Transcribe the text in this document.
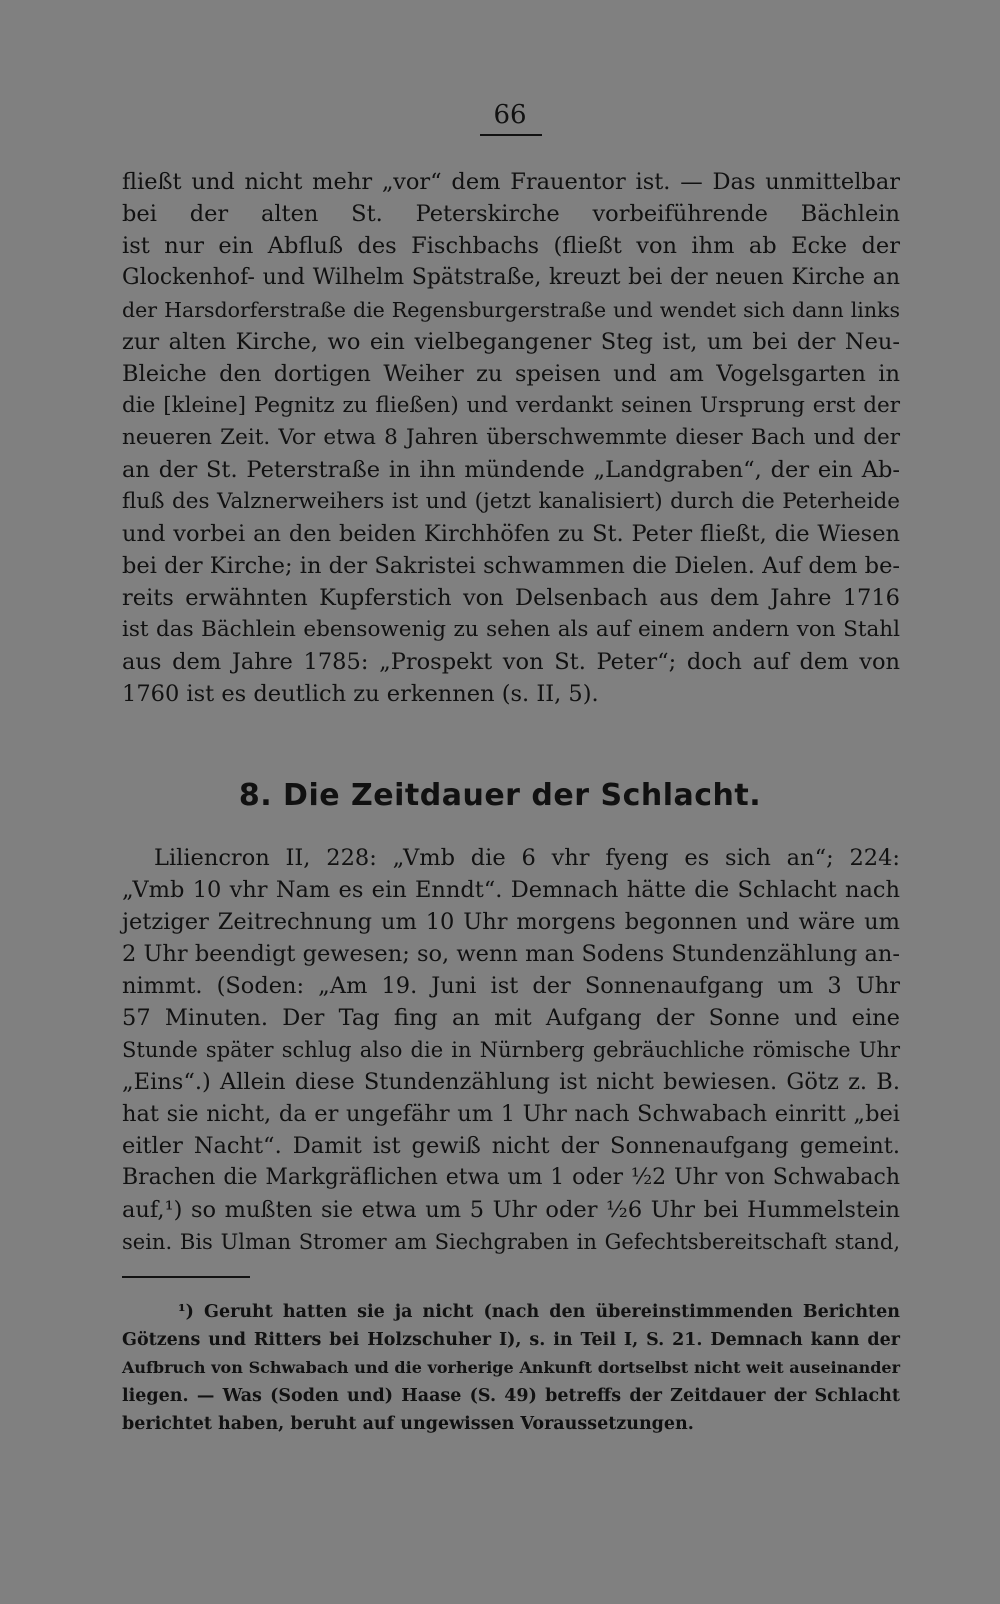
66
fließt und nicht mehr „vor“ dem Frauentor ist. — Das unmittelbar
bei der alten St. Peterskirche vorbeiführende Bächlein
ist nur ein Abfluß des Fischbachs (fließt von ihm ab Ecke der
Glockenhof- und Wilhelm Spätstraße, kreuzt bei der neuen Kirche an
der Harsdorferstraße die Regensburgerstraße und wendet sich dann links
zur alten Kirche, wo ein vielbegangener Steg ist, um bei der Neu-
Bleiche den dortigen Weiher zu speisen und am Vogelsgarten in
die [kleine] Pegnitz zu fließen) und verdankt seinen Ursprung erst der
neueren Zeit. Vor etwa 8 Jahren überschwemmte dieser Bach und der
an der St. Peterstraße in ihn mündende „Landgraben“, der ein Ab-
fluß des Valznerweihers ist und (jetzt kanalisiert) durch die Peterheide
und vorbei an den beiden Kirchhöfen zu St. Peter fließt, die Wiesen
bei der Kirche; in der Sakristei schwammen die Dielen. Auf dem be-
reits erwähnten Kupferstich von Delsenbach aus dem Jahre 1716
ist das Bächlein ebensowenig zu sehen als auf einem andern von Stahl
aus dem Jahre 1785: „Prospekt von St. Peter“; doch auf dem von
1760 ist es deutlich zu erkennen (s. II, 5).
8. Die Zeitdauer der Schlacht.
Liliencron II, 228: „Vmb die 6 vhr fyeng es sich an“; 224:
„Vmb 10 vhr Nam es ein Enndt“. Demnach hätte die Schlacht nach
jetziger Zeitrechnung um 10 Uhr morgens begonnen und wäre um
2 Uhr beendigt gewesen; so, wenn man Sodens Stundenzählung an-
nimmt. (Soden: „Am 19. Juni ist der Sonnenaufgang um 3 Uhr
57 Minuten. Der Tag fing an mit Aufgang der Sonne und eine
Stunde später schlug also die in Nürnberg gebräuchliche römische Uhr
„Eins“.) Allein diese Stundenzählung ist nicht bewiesen. Götz z. B.
hat sie nicht, da er ungefähr um 1 Uhr nach Schwabach einritt „bei
eitler Nacht“. Damit ist gewiß nicht der Sonnenaufgang gemeint.
Brachen die Markgräflichen etwa um 1 oder ½2 Uhr von Schwabach
auf,¹) so mußten sie etwa um 5 Uhr oder ½6 Uhr bei Hummelstein
sein. Bis Ulman Stromer am Siechgraben in Gefechtsbereitschaft stand,
¹) Geruht hatten sie ja nicht (nach den übereinstimmenden Berichten
Götzens und Ritters bei Holzschuher I), s. in Teil I, S. 21. Demnach kann der
Aufbruch von Schwabach und die vorherige Ankunft dortselbst nicht weit auseinander
liegen. — Was (Soden und) Haase (S. 49) betreffs der Zeitdauer der Schlacht
berichtet haben, beruht auf ungewissen Voraussetzungen.
